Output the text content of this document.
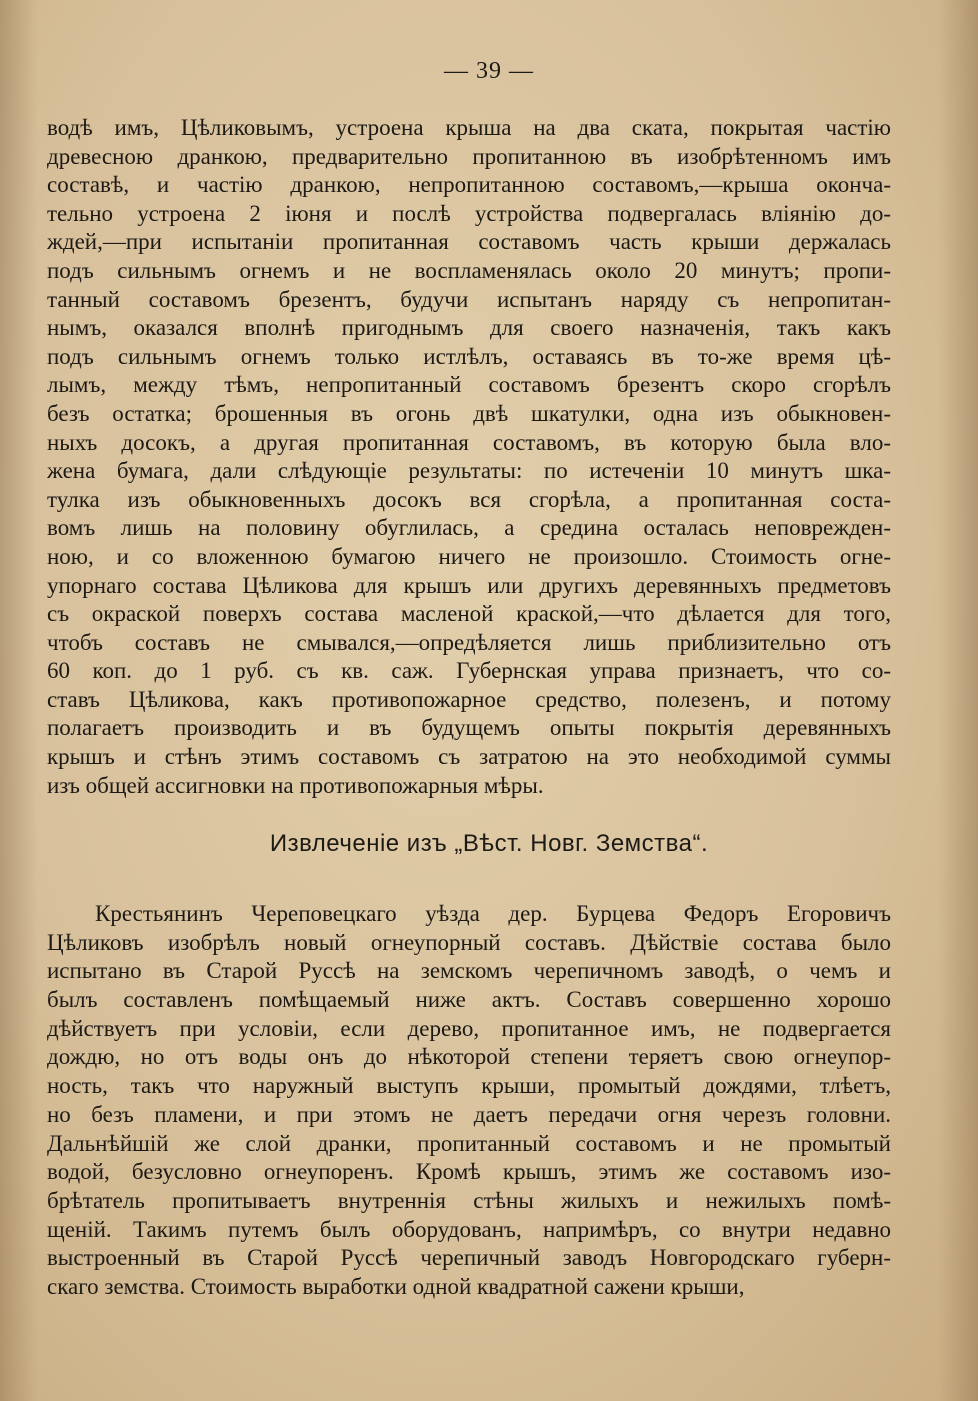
— 39 —
водѣ имъ, Цѣликовымъ, устроена крыша на два ската, покрытая частію
древесною дранкою, предварительно пропитанною въ изобрѣтенномъ имъ
составѣ, и частію дранкою, непропитанною составомъ,—крыша оконча-
тельно устроена 2 іюня и послѣ устройства подвергалась вліянію до-
ждей,—при испытаніи пропитанная составомъ часть крыши держалась
подъ сильнымъ огнемъ и не воспламенялась около 20 минутъ; пропи-
танный составомъ брезентъ, будучи испытанъ наряду съ непропитан-
нымъ, оказался вполнѣ пригоднымъ для своего назначенія, такъ какъ
подъ сильнымъ огнемъ только истлѣлъ, оставаясь въ то-же время цѣ-
лымъ, между тѣмъ, непропитанный составомъ брезентъ скоро сгорѣлъ
безъ остатка; брошенныя въ огонь двѣ шкатулки, одна изъ обыкновен-
ныхъ досокъ, а другая пропитанная составомъ, въ которую была вло-
жена бумага, дали слѣдующіе результаты: по истеченіи 10 минутъ шка-
тулка изъ обыкновенныхъ досокъ вся сгорѣла, а пропитанная соста-
вомъ лишь на половину обуглилась, а средина осталась неповрежден-
ною, и со вложенною бумагою ничего не произошло. Стоимость огне-
упорнаго состава Цѣликова для крышъ или другихъ деревянныхъ предметовъ
съ окраской поверхъ состава масленой краской,—что дѣлается для того,
чтобъ составъ не смывался,—опредѣляется лишь приблизительно отъ
60 коп. до 1 руб. съ кв. саж. Губернская управа признаетъ, что со-
ставъ Цѣликова, какъ противопожарное средство, полезенъ, и потому
полагаетъ производить и въ будущемъ опыты покрытія деревянныхъ
крышъ и стѣнъ этимъ составомъ съ затратою на это необходимой суммы
изъ общей ассигновки на противопожарныя мѣры.
Извлеченіе изъ „Вѣст. Новг. Земства“.
Крестьянинъ Череповецкаго уѣзда дер. Бурцева Федоръ Егоровичъ
Цѣликовъ изобрѣлъ новый огнеупорный составъ. Дѣйствіе состава было
испытано въ Старой Руссѣ на земскомъ черепичномъ заводѣ, о чемъ и
былъ составленъ помѣщаемый ниже актъ. Составъ совершенно хорошо
дѣйствуетъ при условіи, если дерево, пропитанное имъ, не подвергается
дождю, но отъ воды онъ до нѣкоторой степени теряетъ свою огнеупор-
ность, такъ что наружный выступъ крыши, промытый дождями, тлѣетъ,
но безъ пламени, и при этомъ не даетъ передачи огня черезъ головни.
Дальнѣйшій же слой дранки, пропитанный составомъ и не промытый
водой, безусловно огнеупоренъ. Кромѣ крышъ, этимъ же составомъ изо-
брѣтатель пропитываетъ внутреннія стѣны жилыхъ и нежилыхъ помѣ-
щеній. Такимъ путемъ былъ оборудованъ, напримѣръ, со внутри недавно
выстроенный въ Старой Руссѣ черепичный заводъ Новгородскаго губерн-
скаго земства. Стоимость выработки одной квадратной сажени крыши,
